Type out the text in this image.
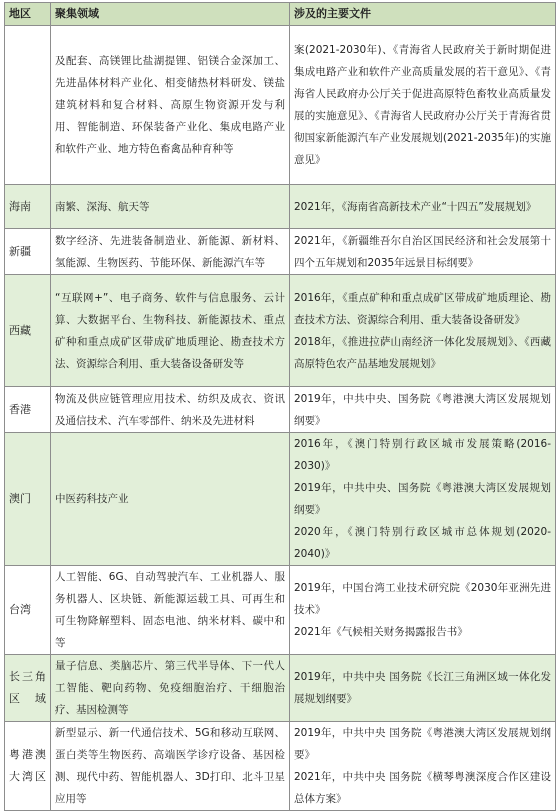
地区	聚集领域	涉及的主要文件
	及配套、高镁锂比盐湖提锂、铝镁合金深加工、先进晶体材料产业化、相变储热材料研发、镁盐建筑材料和复合材料、高原生物资源开发与利用、智能制造、环保装备产业化、集成电路产业和软件产业、地方特色畜禽品种育种等	案(2021-2030年)、《青海省人民政府关于新时期促进集成电路产业和软件产业高质量发展的若干意见》、《青海省人民政府办公厅关于促进高原特色畜牧业高质量发展的实施意见》、《青海省人民政府办公厅关于青海省贯彻国家新能源汽车产业发展规划(2021-2035年)的实施意见》

海南	南繁、深海、航天等	2021年，《海南省高新技术产业“十四五”发展规划》

新疆	数字经济、先进装备制造业、新能源、新材料、氢能源、生物医药、节能环保、新能源汽车等	2021年，《新疆维吾尔自治区国民经济和社会发展第十四个五年规划和2035年远景目标纲要》

西藏	“互联网+”、电子商务、软件与信息服务、云计算、大数据平台、生物科技、新能源技术、重点矿种和重点成矿区带成矿地质理论、勘查技术方法、资源综合利用、重大装备设备研发等	2016年，《重点矿种和重点成矿区带成矿地质理论、勘查技术方法、资源综合利用、重大装备设备研发》
2018年，《推进拉萨山南经济一体化发展规划》、《西藏高原特色农产品基地发展规划》

香港	物流及供应链管理应用技术、纺织及成衣、资讯及通信技术、汽车零部件、纳米及先进材料	2019年，中共中央、国务院《粤港澳大湾区发展规划纲要》

澳门	中医药科技产业	2016年，《澳门特别行政区城市发展策略(2016-2030)》
2019年，中共中央、国务院《粤港澳大湾区发展规划纲要》
2020年，《澳门特别行政区城市总体规划(2020-2040)》

台湾	人工智能、6G、自动驾驶汽车、工业机器人、服务机器人、区块链、新能源运载工具、可再生和可生物降解塑料、固态电池、纳米材料、碳中和等	2019年，中国台湾工业技术研究院《2030年亚洲先进技术》
2021年《气候相关财务揭露报告书》

长三角区域	量子信息、类脑芯片、第三代半导体、下一代人工智能、靶向药物、免疫细胞治疗、干细胞治疗、基因检测等	2019年，中共中央 国务院《长江三角洲区域一体化发展规划纲要》

粤港澳大湾区	新型显示、新一代通信技术、5G和移动互联网、蛋白类等生物医药、高端医学诊疗设备、基因检测、现代中药、智能机器人、3D打印、北斗卫星应用等	2019年，中共中央 国务院《粤港澳大湾区发展规划纲要》
2021年，中共中央 国务院《横琴粤澳深度合作区建设总体方案》
